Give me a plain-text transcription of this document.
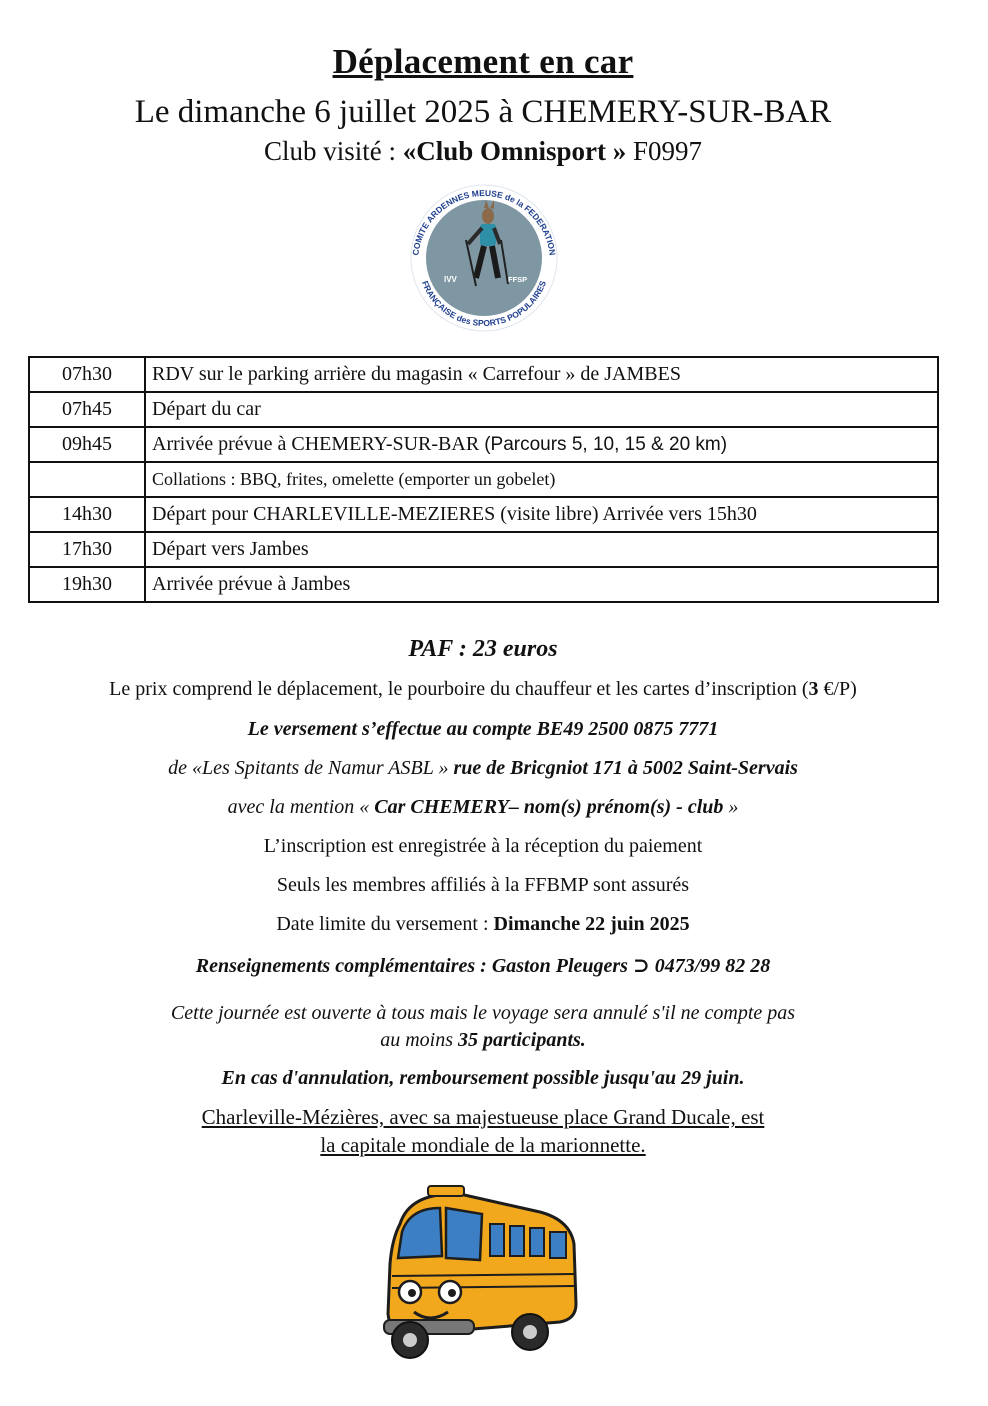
Déplacement en car
Le dimanche 6 juillet 2025 à CHEMERY-SUR-BAR
Club visité : «Club Omnisport » F0997
COMITE ARDENNES MEUSE de la FEDERATION
FRANÇAISE des SPORTS POPULAIRES
IVV	FFSP
07h30	RDV sur le parking arrière du magasin « Carrefour » de JAMBES
07h45	Départ du car
09h45	Arrivée prévue à CHEMERY-SUR-BAR (Parcours 5, 10, 15 & 20 km)
	Collations : BBQ, frites, omelette (emporter un gobelet)
14h30	Départ pour CHARLEVILLE-MEZIERES (visite libre) Arrivée vers 15h30
17h30	Départ vers Jambes
19h30	Arrivée prévue à Jambes
PAF : 23 euros
Le prix comprend le déplacement, le pourboire du chauffeur et les cartes d’inscription (3 €/P)
Le versement s’effectue au compte BE49 2500 0875 7771
de «Les Spitants de Namur ASBL » rue de Bricgniot 171 à 5002 Saint-Servais
avec la mention « Car CHEMERY– nom(s) prénom(s) - club »
L’inscription est enregistrée à la réception du paiement
Seuls les membres affiliés à la FFBMP sont assurés
Date limite du versement : Dimanche 22 juin 2025
Renseignements complémentaires : Gaston Pleugers ⊃ 0473/99 82 28
Cette journée est ouverte à tous mais le voyage sera annulé s'il ne compte pas
au moins 35 participants.
En cas d'annulation, remboursement possible jusqu'au 29 juin.
Charleville-Mézières, avec sa majestueuse place Grand Ducale, est
la capitale mondiale de la marionnette.
